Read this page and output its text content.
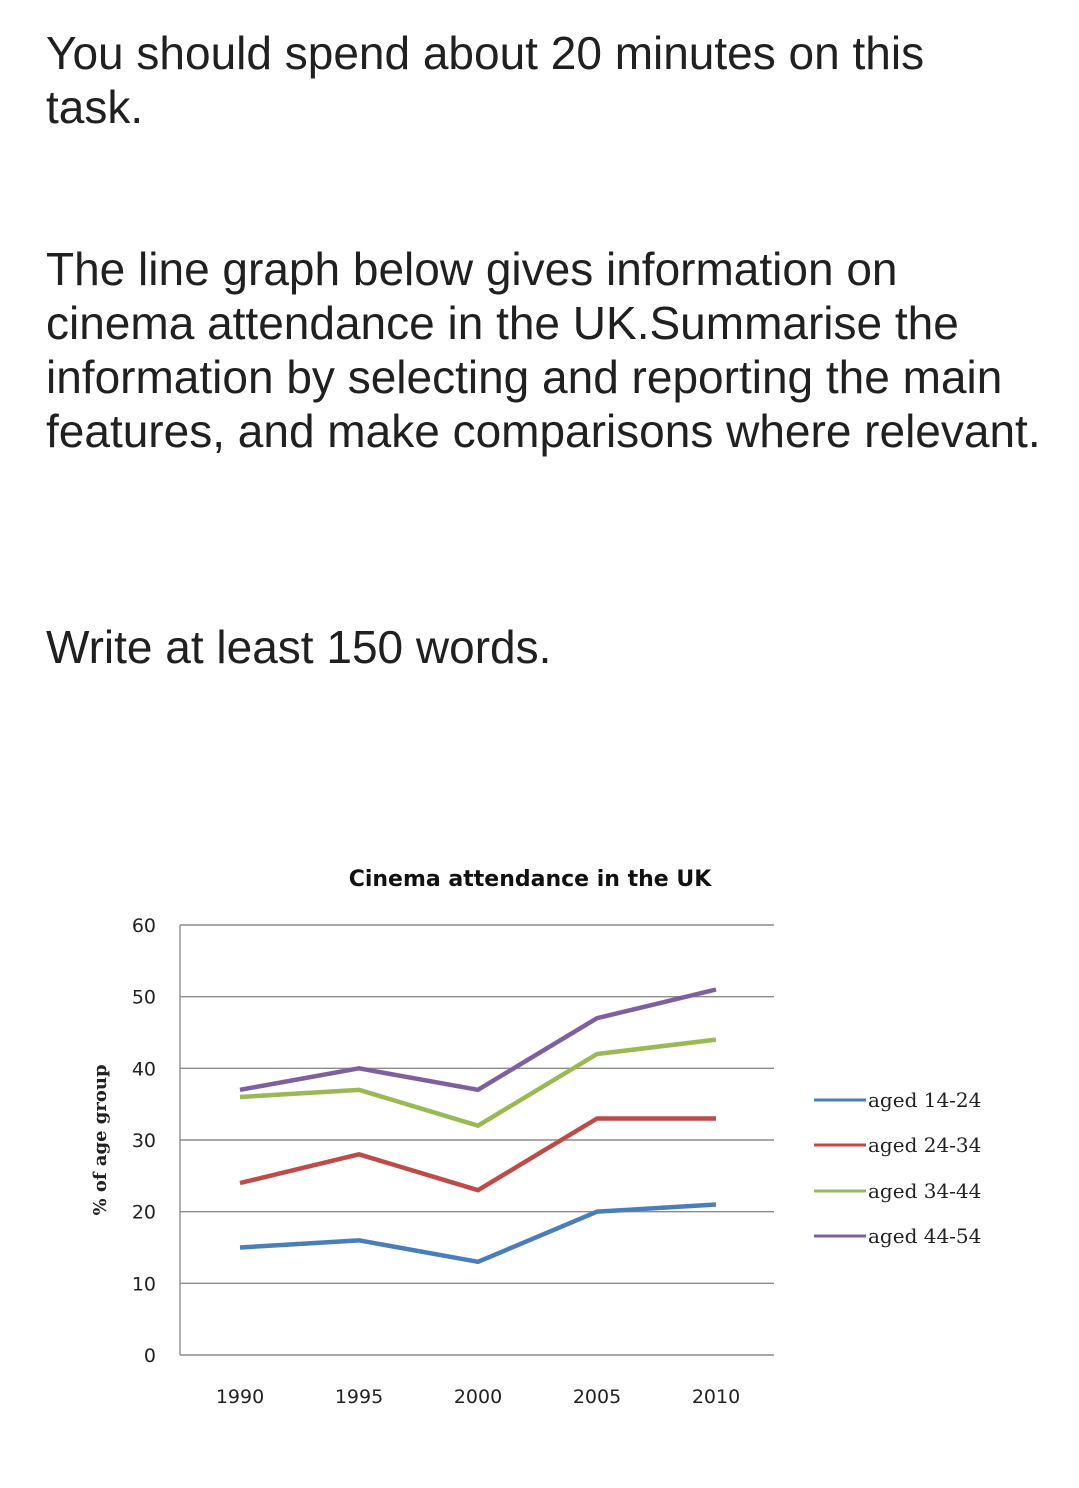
You should spend about 20 minutes on this task.

The line graph below gives information on cinema attendance in the UK.Summarise the information by selecting and reporting the main features, and make comparisons where relevant.

Write at least 150 words.

Cinema attendance in the UK
0
10
20
30
40
50
60
1990	1995	2000	2005	2010
% of age group	aged 14-24
aged 24-34
aged 34-44
aged 44-54
